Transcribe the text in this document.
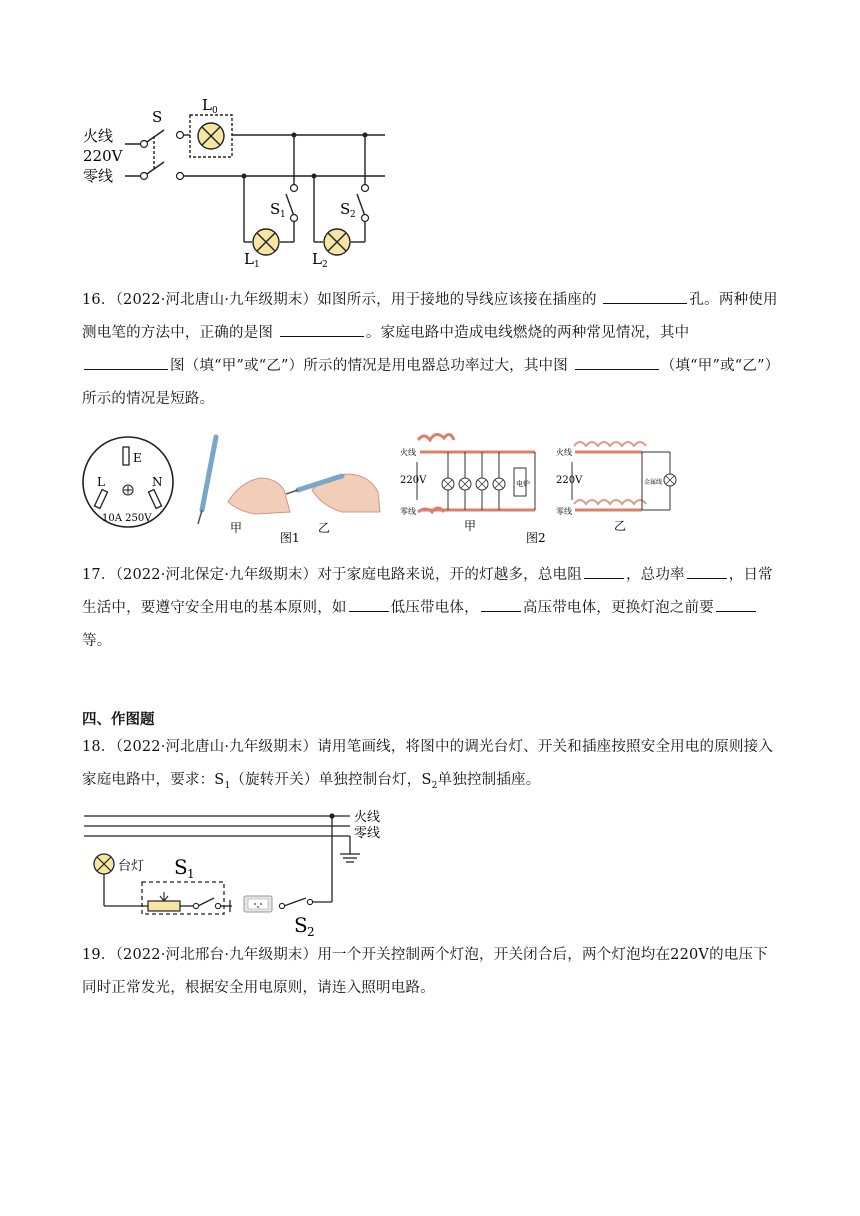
火线
220V
零线
S
L 0
S 1	S 2
L 1	L 2
16．（2022·河北唐山·九年级期末）如图所示，用于接地的导线应该接在插座的	孔。两种使用测电笔的方法中，正确的是图	。家庭电路中造成电线燃烧的两种常见情况，其中 图（填“甲”或“乙”）所示的情况是用电器总功率过大，其中图	（填“甲”或“乙”）所示的情况是短路。
E
L	N
10A 250V
甲	乙
图1
火线
220V
零线
电炉
甲
图2
火线
220V
零线
金属线
乙
17．（2022·河北保定·九年级期末）对于家庭电路来说，开的灯越多，总电阻	，总功率	，日常生活中，要遵守安全用电的基本原则，如	低压带电体，	高压带电体，更换灯泡之前要等。
四、作图题
18．（2022·河北唐山·九年级期末）请用笔画线，将图中的调光台灯、开关和插座按照安全用电的原则接入家庭电路中，要求：$S_1$（旋转开关）单独控制台灯，$S_2$单独控制插座。
火线
零线
台灯 S 1
S 2
19．（2022·河北邢台·九年级期末）用一个开关控制两个灯泡，开关闭合后，两个灯泡均在220V的电压下同时正常发光，根据安全用电原则，请连入照明电路。
